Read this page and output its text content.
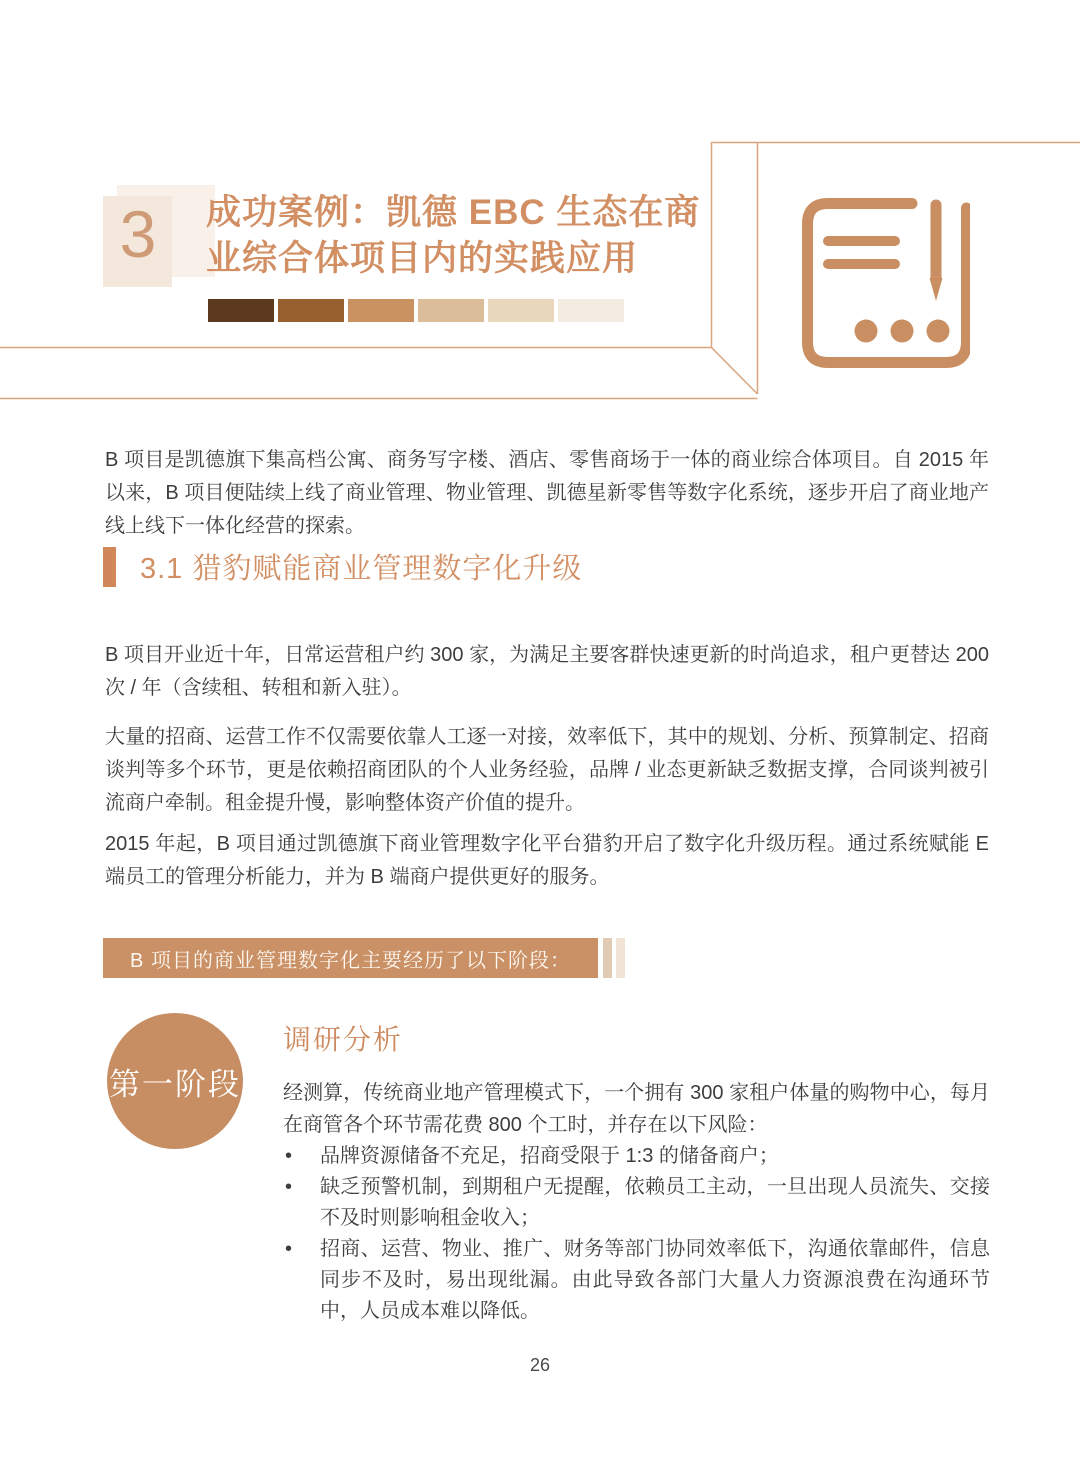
3	成功案例：凯德 EBC 生态在商
业综合体项目内的实践应用

B 项目是凯德旗下集高档公寓、商务写字楼、酒店、零售商场于一体的商业综合体项目。自 2015 年以来，B 项目便陆续上线了商业管理、物业管理、凯德星新零售等数字化系统，逐步开启了商业地产线上线下一体化经营的探索。

3.1 猎豹赋能商业管理数字化升级

B 项目开业近十年，日常运营租户约 300 家，为满足主要客群快速更新的时尚追求，租户更替达 200 次 / 年（含续租、转租和新入驻）。

大量的招商、运营工作不仅需要依靠人工逐一对接，效率低下，其中的规划、分析、预算制定、招商谈判等多个环节，更是依赖招商团队的个人业务经验，品牌 / 业态更新缺乏数据支撑，合同谈判被引流商户牵制。租金提升慢，影响整体资产价值的提升。

2015 年起，B 项目通过凯德旗下商业管理数字化平台猎豹开启了数字化升级历程。通过系统赋能 E 端员工的管理分析能力，并为 B 端商户提供更好的服务。

B 项目的商业管理数字化主要经历了以下阶段：
第一阶段
调研分析

经测算，传统商业地产管理模式下，一个拥有 300 家租户体量的购物中心，每月在商管各个环节需花费 800 个工时，并存在以下风险：

• 品牌资源储备不充足，招商受限于 1:3 的储备商户；
• 缺乏预警机制，到期租户无提醒，依赖员工主动，一旦出现人员流失、交接不及时则影响租金收入；
• 招商、运营、物业、推广、财务等部门协同效率低下，沟通依靠邮件，信息同步不及时，易出现纰漏。由此导致各部门大量人力资源浪费在沟通环节中，人员成本难以降低。
26
